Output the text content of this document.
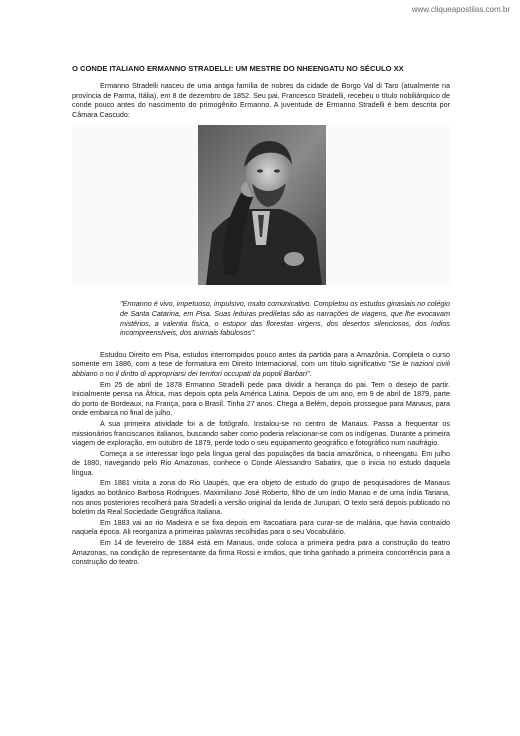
www.cliqueapostilas.com.br
O CONDE ITALIANO ERMANNO STRADELLI: UM MESTRE DO NHEENGATU NO SÉCULO XX

Ermanno Stradelli nasceu de uma antiga família de nobres da cidade de Borgo Val di Taro (atualmente na província de Parma, Itália), em 8 de dezembro de 1852. Seu pai, Francesco Stradelli, recebeu o título nobiliárquico de conde pouco antes do nascimento do primogênito Ermanno. A juventude de Ermanno Stradelli é bem descrita por Câmara Cascudo:

"Ermanno é vivo, impetuoso, impulsivo, muito comunicativo. Completou os estudos ginasiais no colégio de Santa Catarina, em Pisa. Suas leituras prediletas são as narrações de viagens, que lhe evocavam mistérios, a valentia física, o estupor das florestas virgens, dos desertos silenciosos, dos índios incompreensíveis, dos animais fabulosos".

Estudou Direito em Pisa, estudos interrompidos pouco antes da partida para a Amazônia. Completa o curso somente em 1886, com a tese de formatura em Direito Internacional, com um título significativo "Se le nazioni civili abbiano o no il diritto di appropriarsi dei territori occupati da popoli Barbari".

Em 25 de abril de 1878 Ermanno Stradelli pede para dividir a herança do pai. Tem o desejo de partir. Inicialmente pensa na África, mas depois opta pela América Latina. Depois de um ano, em 9 de abril de 1879, parte do porto de Bordeaux, na França, para o Brasil. Tinha 27 anos. Chega a Belém, depois prossegue para Manaus, para onde embarca no final de julho.

A sua primeira atividade foi a de fotógrafo. Instalou-se no centro de Manaus. Passa a frequentar os missionários franciscanos italianos, buscando saber como poderia relacionar-se com os indígenas. Durante a primeira viagem de exploração, em outubro de 1879, perde todo o seu equipamento geográfico e fotográfico num naufrágio.

Começa a se interessar logo pela língua geral das populações da bacia amazônica, o nheengatu. Em julho de 1880, navegando pelo Rio Amazonas, conhece o Conde Alessandro Sabatini, que o inicia no estudo daquela língua.

Em 1881 visita a zona do Rio Uaupés, que era objeto de estudo do grupo de pesquisadores de Manaus ligados ao botânico Barbosa Rodrigues. Maximiliano José Roberto, filho de um índio Manao e de uma índia Tariana, nos anos posteriores recolherá para Stradelli a versão original da lenda de Jurupari. O texto será depois publicado no boletim da Real Sociedade Geográfica Italiana.

Em 1883 vai ao rio Madeira e se fixa depois em Itacoatiara para curar-se de malária, que havia contraído naquela época. Ali reorganiza a primeiras palavras recolhidas para o seu Vocabulário.

Em 14 de fevereiro de 1884 está em Manaus, onde coloca a primeira pedra para a construção do teatro Amazonas, na condição de representante da firma Rossi e irmãos, que tinha ganhado a primeira concorrência para a construção do teatro.
